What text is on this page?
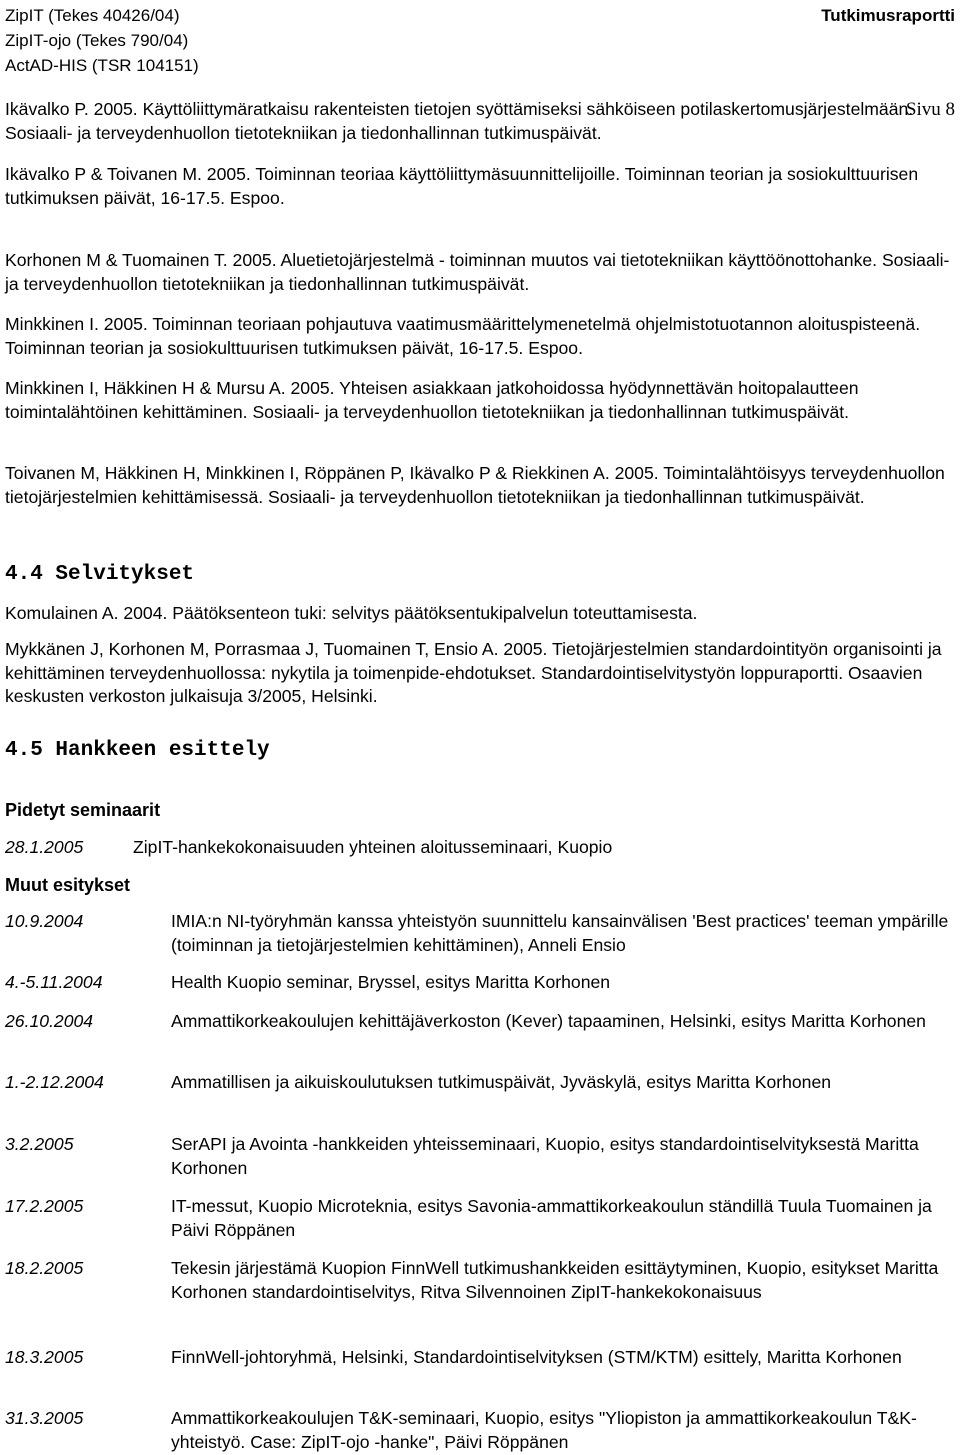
ZipIT (Tekes 40426/04)
ZipIT-ojo (Tekes 790/04)
ActAD-HIS (TSR 104151)
Tutkimusraportti
Sivu 8
Ikävalko P. 2005. Käyttöliittymäratkaisu rakenteisten tietojen syöttämiseksi sähköiseen potilaskertomusjärjestelmään. Sosiaali- ja terveydenhuollon tietotekniikan ja tiedonhallinnan tutkimuspäivät.
Ikävalko P & Toivanen M. 2005. Toiminnan teoriaa käyttöliittymäsuunnittelijoille. Toiminnan teorian ja sosiokulttuurisen tutkimuksen päivät, 16-17.5. Espoo.
Korhonen M & Tuomainen T. 2005. Aluetietojärjestelmä - toiminnan muutos vai tietotekniikan käyttöönottohanke. Sosiaali- ja terveydenhuollon tietotekniikan ja tiedonhallinnan tutkimuspäivät.
Minkkinen I. 2005. Toiminnan teoriaan pohjautuva vaatimusmäärittelymenetelmä ohjelmistotuotannon aloituspisteenä. Toiminnan teorian ja sosiokulttuurisen tutkimuksen päivät, 16-17.5. Espoo.
Minkkinen I, Häkkinen H & Mursu A. 2005. Yhteisen asiakkaan jatkohoidossa hyödynnettävän hoitopalautteen toimintalähtöinen kehittäminen. Sosiaali- ja terveydenhuollon tietotekniikan ja tiedonhallinnan tutkimuspäivät.
Toivanen M, Häkkinen H, Minkkinen I, Röppänen P, Ikävalko P & Riekkinen A. 2005. Toimintalähtöisyys terveydenhuollon tietojärjestelmien kehittämisessä. Sosiaali- ja terveydenhuollon tietotekniikan ja tiedonhallinnan tutkimuspäivät.
4.4 Selvitykset
Komulainen A. 2004. Päätöksenteon tuki: selvitys päätöksentukipalvelun toteuttamisesta.
Mykkänen J, Korhonen M, Porrasmaa J, Tuomainen T, Ensio A. 2005. Tietojärjestelmien standardointityön organisointi ja kehittäminen terveydenhuollossa: nykytila ja toimenpide-ehdotukset. Standardointiselvitystyön loppuraportti. Osaavien keskusten verkoston julkaisuja 3/2005, Helsinki.
4.5 Hankkeen esittely
Pidetyt seminaarit
28.1.2005	ZipIT-hankekokonaisuuden yhteinen aloitusseminaari, Kuopio
Muut esitykset
10.9.2004	IMIA:n NI-työryhmän kanssa yhteistyön suunnittelu kansainvälisen 'Best practices' teeman ympärille (toiminnan ja tietojärjestelmien kehittäminen), Anneli Ensio
4.-5.11.2004	Health Kuopio seminar, Bryssel, esitys Maritta Korhonen
26.10.2004	Ammattikorkeakoulujen kehittäjäverkoston (Kever) tapaaminen, Helsinki, esitys Maritta Korhonen
1.-2.12.2004	Ammatillisen ja aikuiskoulutuksen tutkimuspäivät, Jyväskylä, esitys Maritta Korhonen
3.2.2005	SerAPI ja Avointa -hankkeiden yhteisseminaari, Kuopio, esitys standardointiselvityksestä Maritta Korhonen
17.2.2005	IT-messut, Kuopio Microteknia, esitys Savonia-ammattikorkeakoulun ständillä Tuula Tuomainen ja Päivi Röppänen
18.2.2005	Tekesin järjestämä Kuopion FinnWell tutkimushankkeiden esittäytyminen, Kuopio, esitykset Maritta Korhonen standardointiselvitys, Ritva Silvennoinen ZipIT-hankekokonaisuus
18.3.2005	FinnWell-johtoryhmä, Helsinki, Standardointiselvityksen (STM/KTM) esittely, Maritta Korhonen
31.3.2005	Ammattikorkeakoulujen T&K-seminaari, Kuopio, esitys "Yliopiston ja ammattikorkeakoulun T&K-yhteistyö. Case: ZipIT-ojo -hanke", Päivi Röppänen
